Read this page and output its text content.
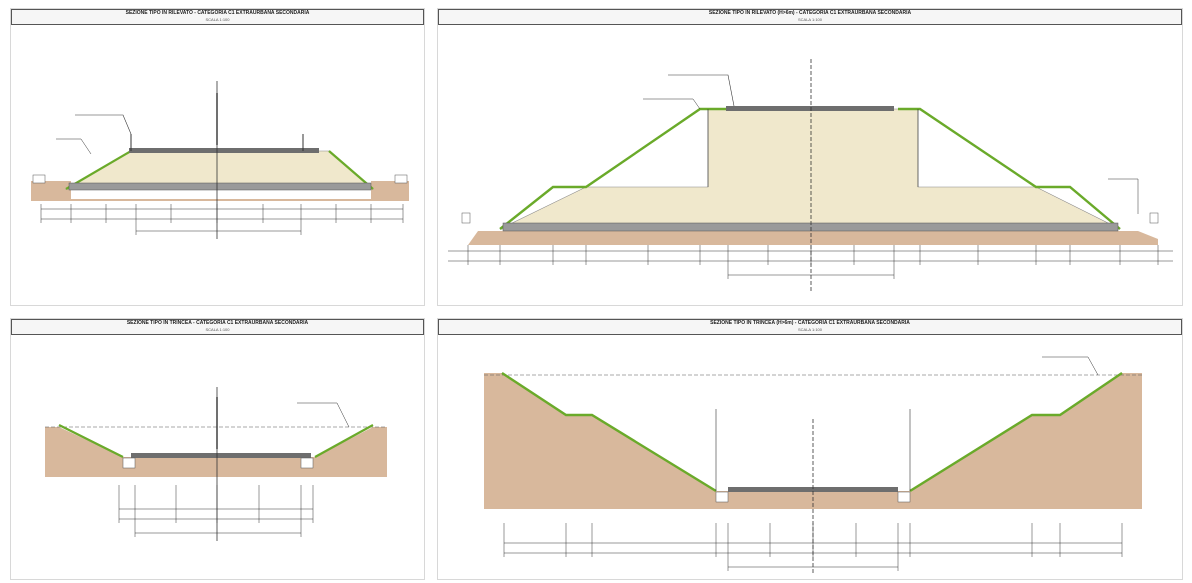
SEZIONE TIPO IN RILEVATO - CATEGORIA C1 EXTRAURBANA SECONDARIA
SCALA 1:100
SEZIONE TIPO IN RILEVATO (H>6m) - CATEGORIA C1 EXTRAURBANA SECONDARIA
SCALA 1:100
SEZIONE TIPO IN TRINCEA - CATEGORIA C1 EXTRAURBANA SECONDARIA
SCALA 1:100
SEZIONE TIPO IN TRINCEA (H>6m) - CATEGORIA C1 EXTRAURBANA SECONDARIA
SCALA 1:100
